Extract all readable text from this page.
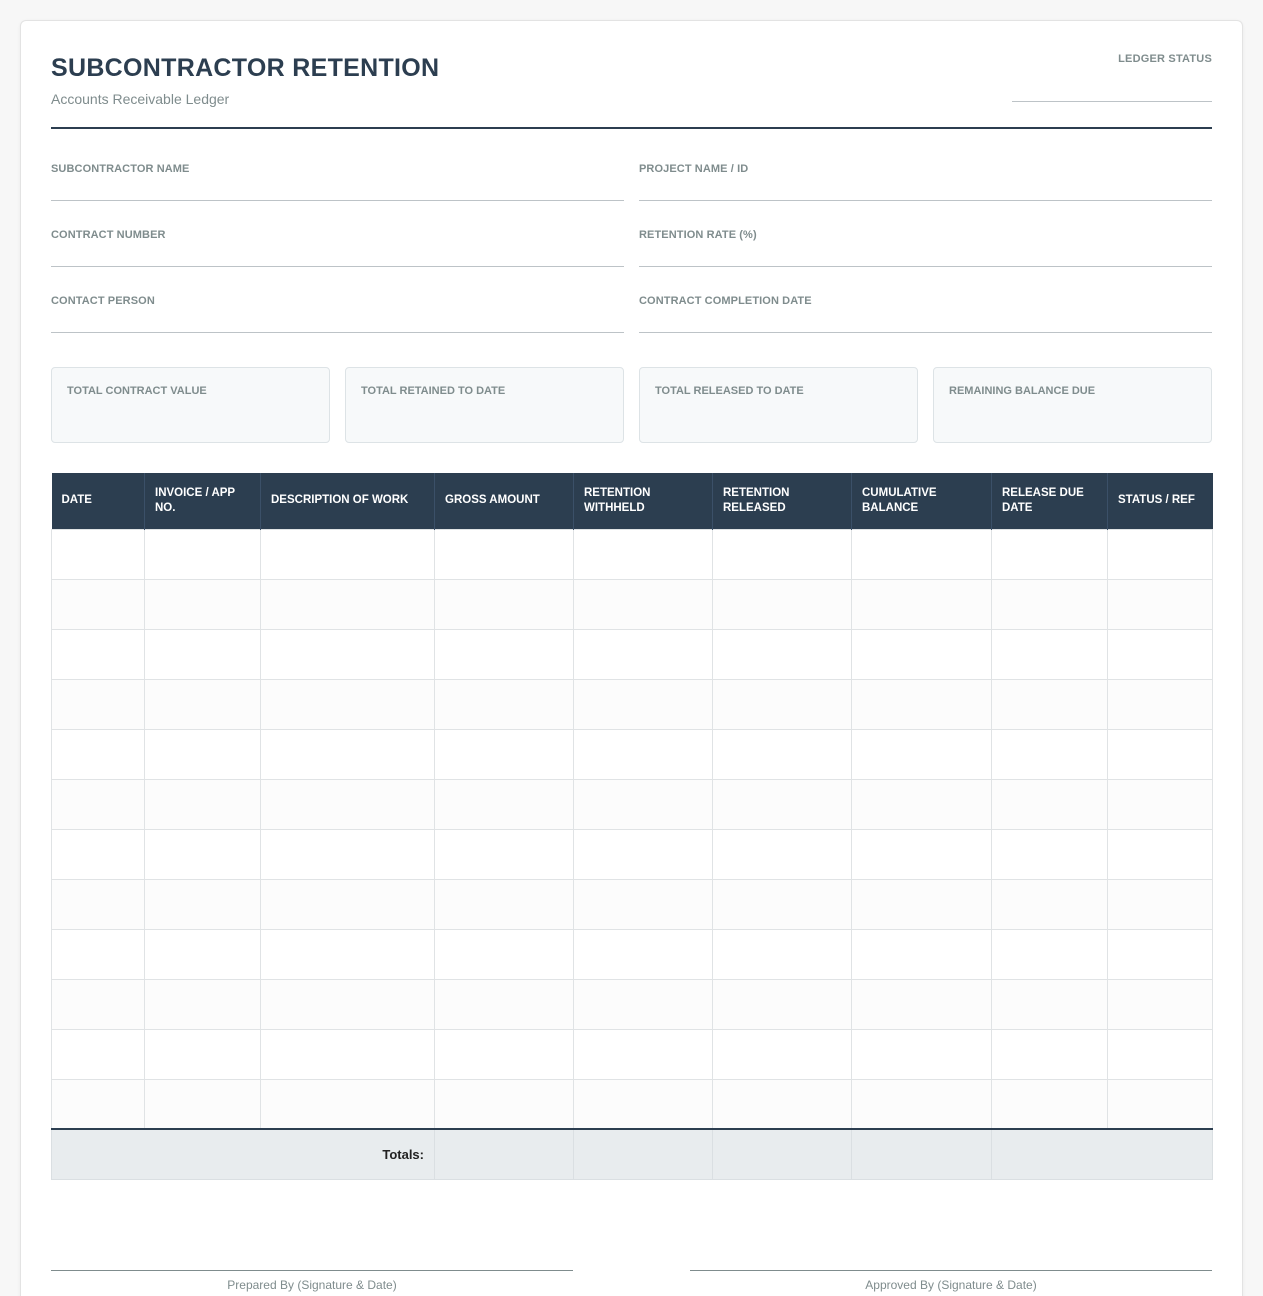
SUBCONTRACTOR RETENTION
Accounts Receivable Ledger
LEDGER STATUS
SUBCONTRACTOR NAME	PROJECT NAME / ID
CONTRACT NUMBER	RETENTION RATE (%)
CONTACT PERSON	CONTRACT COMPLETION DATE
TOTAL CONTRACT VALUE	TOTAL RETAINED TO DATE	TOTAL RELEASED TO DATE	REMAINING BALANCE DUE
DATE	INVOICE / APP NO.	DESCRIPTION OF WORK	GROSS AMOUNT	RETENTION WITHHELD	RETENTION RELEASED	CUMULATIVE BALANCE	RELEASE DUE DATE	STATUS / REF

Totals:								
Prepared By (Signature & Date)	Approved By (Signature & Date)
